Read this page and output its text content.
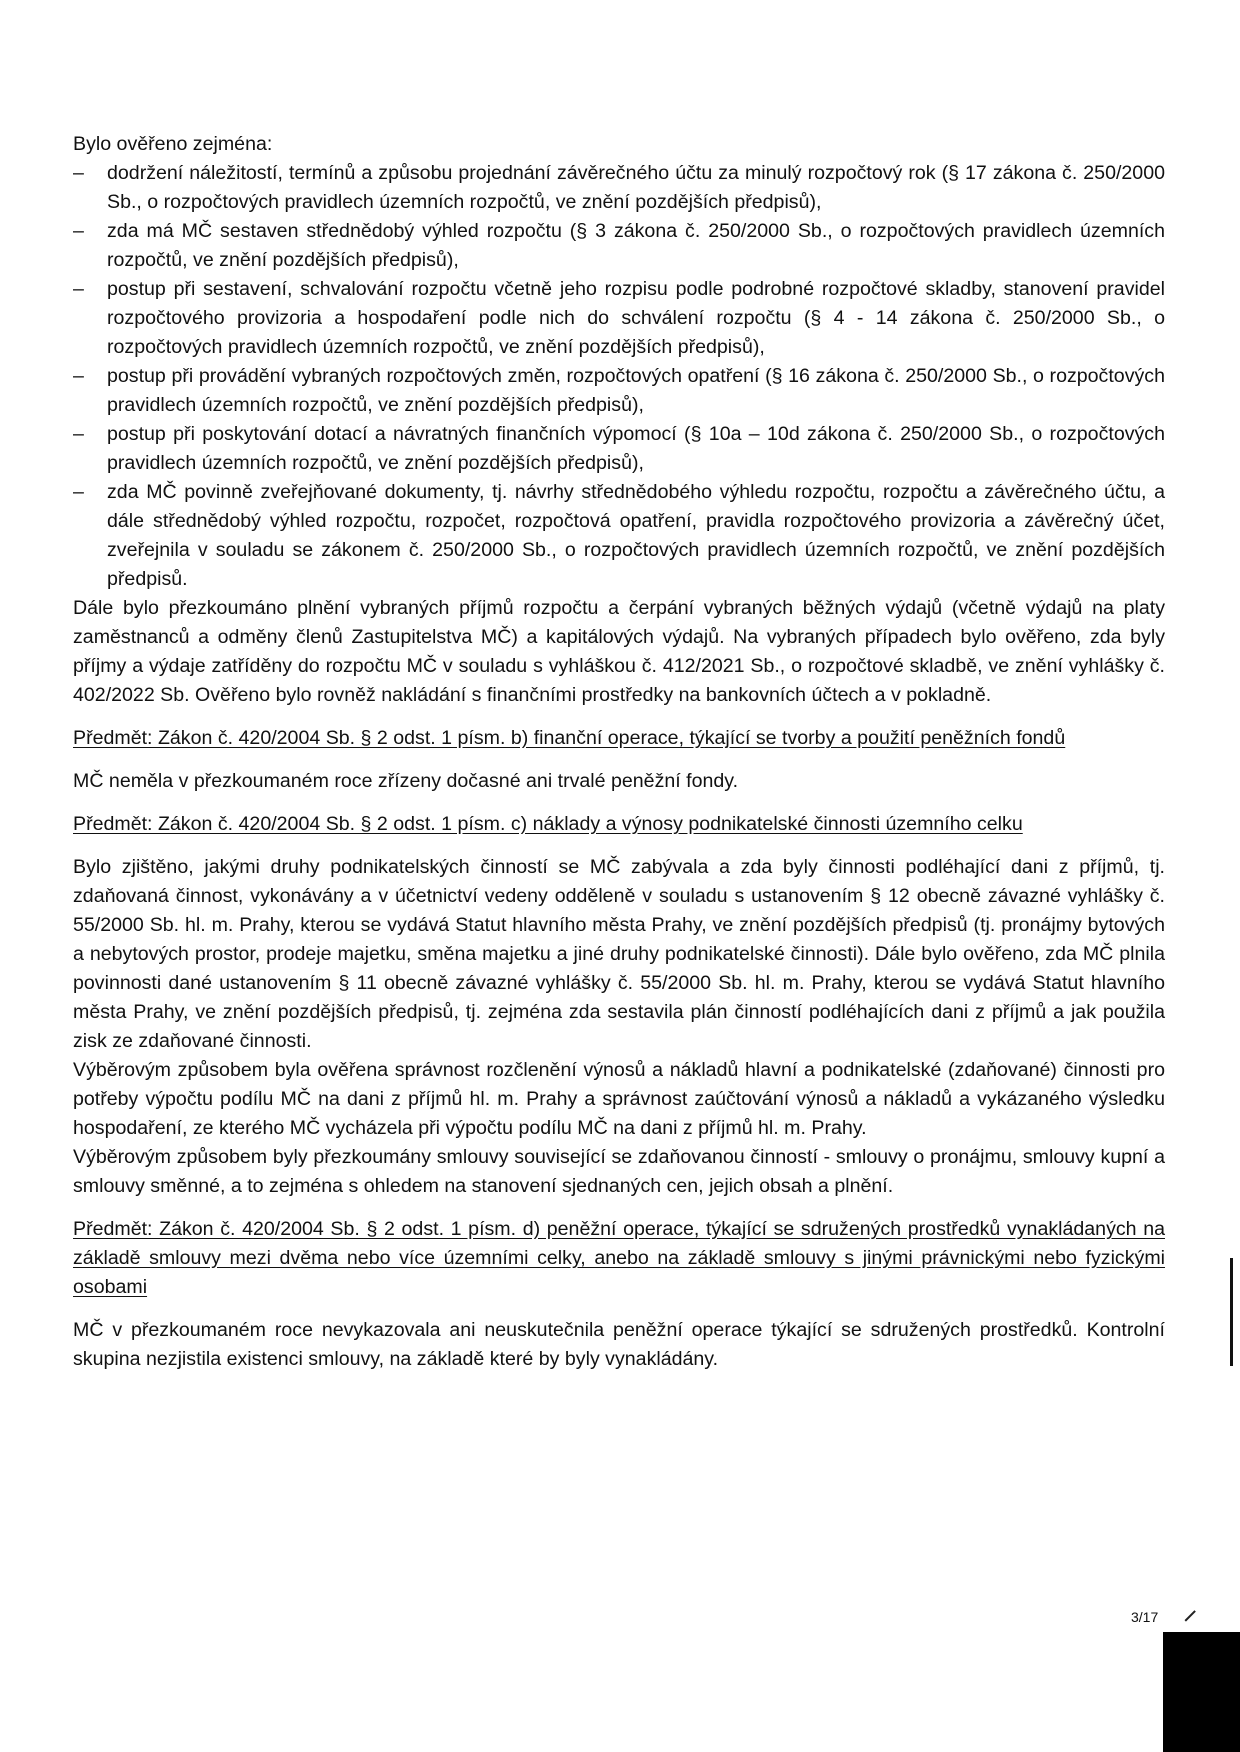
Bylo ověřeno zejména:

– dodržení náležitostí, termínů a způsobu projednání závěrečného účtu za minulý rozpočtový rok (§ 17 zákona č. 250/2000 Sb., o rozpočtových pravidlech územních rozpočtů, ve znění pozdějších předpisů),
– zda má MČ sestaven střednědobý výhled rozpočtu (§ 3 zákona č. 250/2000 Sb., o rozpočtových pravidlech územních rozpočtů, ve znění pozdějších předpisů),
– postup při sestavení, schvalování rozpočtu včetně jeho rozpisu podle podrobné rozpočtové skladby, stanovení pravidel rozpočtového provizoria a hospodaření podle nich do schválení rozpočtu (§ 4 - 14 zákona č. 250/2000 Sb., o rozpočtových pravidlech územních rozpočtů, ve znění pozdějších předpisů),
– postup při provádění vybraných rozpočtových změn, rozpočtových opatření (§ 16 zákona č. 250/2000 Sb., o rozpočtových pravidlech územních rozpočtů, ve znění pozdějších předpisů),
– postup při poskytování dotací a návratných finančních výpomocí (§ 10a – 10d zákona č. 250/2000 Sb., o rozpočtových pravidlech územních rozpočtů, ve znění pozdějších předpisů),
– zda MČ povinně zveřejňované dokumenty, tj. návrhy střednědobého výhledu rozpočtu, rozpočtu a závěrečného účtu, a dále střednědobý výhled rozpočtu, rozpočet, rozpočtová opatření, pravidla rozpočtového provizoria a závěrečný účet, zveřejnila v souladu se zákonem č. 250/2000 Sb., o rozpočtových pravidlech územních rozpočtů, ve znění pozdějších předpisů.

Dále bylo přezkoumáno plnění vybraných příjmů rozpočtu a čerpání vybraných běžných výdajů (včetně výdajů na platy zaměstnanců a odměny členů Zastupitelstva MČ) a kapitálových výdajů. Na vybraných případech bylo ověřeno, zda byly příjmy a výdaje zatříděny do rozpočtu MČ v souladu s vyhláškou č. 412/2021 Sb., o rozpočtové skladbě, ve znění vyhlášky č. 402/2022 Sb. Ověřeno bylo rovněž nakládání s finančními prostředky na bankovních účtech a v pokladně.

Předmět: Zákon č. 420/2004 Sb. § 2 odst. 1 písm. b) finanční operace, týkající se tvorby a použití peněžních fondů

MČ neměla v přezkoumaném roce zřízeny dočasné ani trvalé peněžní fondy.

Předmět: Zákon č. 420/2004 Sb. § 2 odst. 1 písm. c) náklady a výnosy podnikatelské činnosti územního celku

Bylo zjištěno, jakými druhy podnikatelských činností se MČ zabývala a zda byly činnosti podléhající dani z příjmů, tj. zdaňovaná činnost, vykonávány a v účetnictví vedeny odděleně v souladu s ustanovením § 12 obecně závazné vyhlášky č. 55/2000 Sb. hl. m. Prahy, kterou se vydává Statut hlavního města Prahy, ve znění pozdějších předpisů (tj. pronájmy bytových a nebytových prostor, prodeje majetku, směna majetku a jiné druhy podnikatelské činnosti). Dále bylo ověřeno, zda MČ plnila povinnosti dané ustanovením § 11 obecně závazné vyhlášky č. 55/2000 Sb. hl. m. Prahy, kterou se vydává Statut hlavního města Prahy, ve znění pozdějších předpisů, tj. zejména zda sestavila plán činností podléhajících dani z příjmů a jak použila zisk ze zdaňované činnosti.

Výběrovým způsobem byla ověřena správnost rozčlenění výnosů a nákladů hlavní a podnikatelské (zdaňované) činnosti pro potřeby výpočtu podílu MČ na dani z příjmů hl. m. Prahy a správnost zaúčtování výnosů a nákladů a vykázaného výsledku hospodaření, ze kterého MČ vycházela při výpočtu podílu MČ na dani z příjmů hl. m. Prahy.

Výběrovým způsobem byly přezkoumány smlouvy související se zdaňovanou činností - smlouvy o pronájmu, smlouvy kupní a smlouvy směnné, a to zejména s ohledem na stanovení sjednaných cen, jejich obsah a plnění.

Předmět: Zákon č. 420/2004 Sb. § 2 odst. 1 písm. d) peněžní operace, týkající se sdružených prostředků vynakládaných na základě smlouvy mezi dvěma nebo více územními celky, anebo na základě smlouvy s jinými právnickými nebo fyzickými osobami

MČ v přezkoumaném roce nevykazovala ani neuskutečnila peněžní operace týkající se sdružených prostředků. Kontrolní skupina nezjistila existenci smlouvy, na základě které by byly vynakládány.

3/17
